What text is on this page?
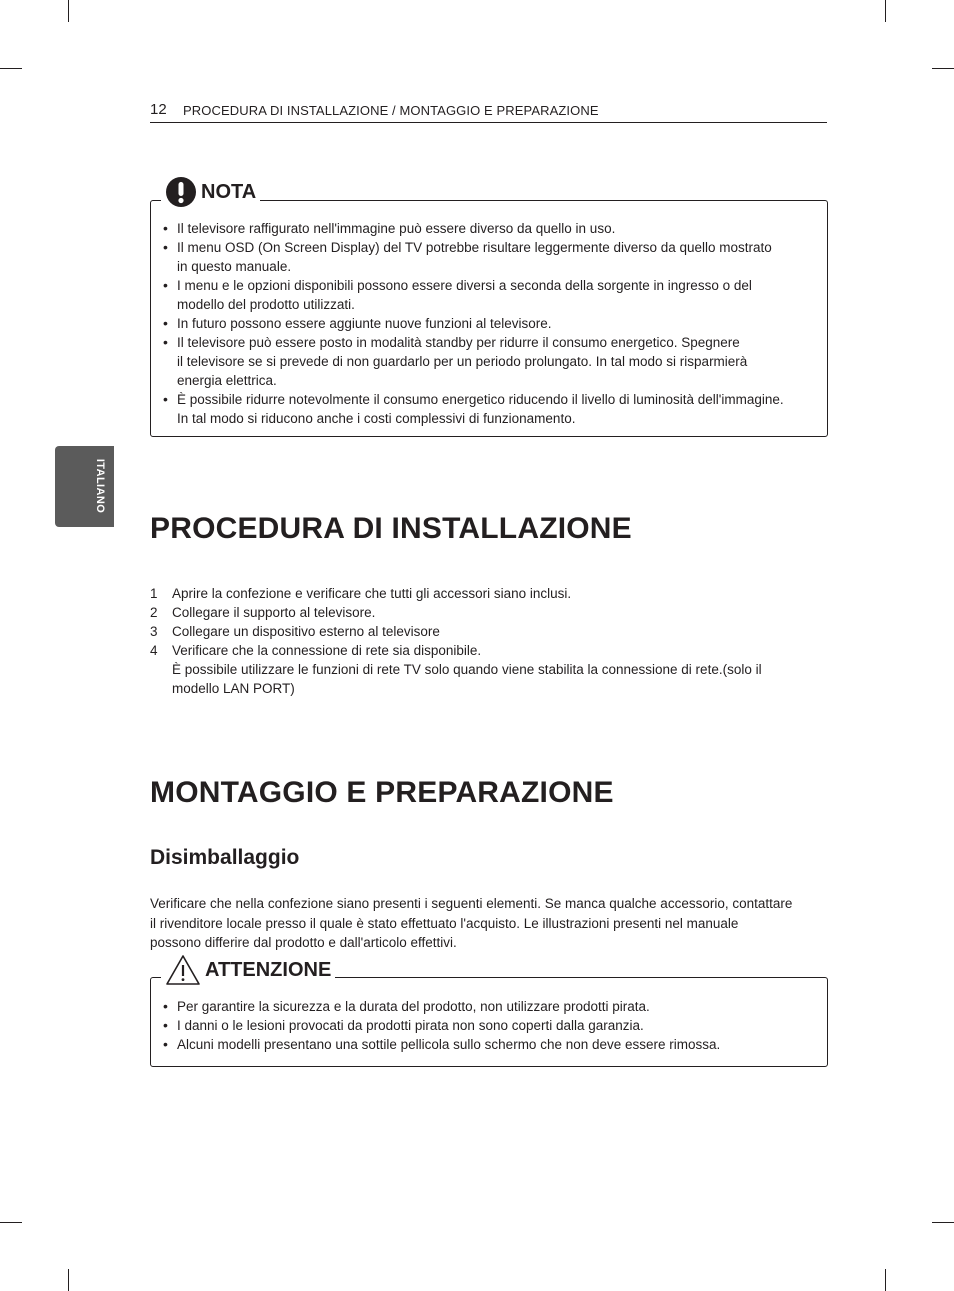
12 PROCEDURA DI INSTALLAZIONE / MONTAGGIO E PREPARAZIONE
ITALIANO
NOTA
• Il televisore raffigurato nell'immagine può essere diverso da quello in uso.
• Il menu OSD (On Screen Display) del TV potrebbe risultare leggermente diverso da quello mostrato
in questo manuale.
• I menu e le opzioni disponibili possono essere diversi a seconda della sorgente in ingresso o del
modello del prodotto utilizzati.
• In futuro possono essere aggiunte nuove funzioni al televisore.
• Il televisore può essere posto in modalità standby per ridurre il consumo energetico. Spegnere
il televisore se si prevede di non guardarlo per un periodo prolungato. In tal modo si risparmierà
energia elettrica.
• È possibile ridurre notevolmente il consumo energetico riducendo il livello di luminosità dell'immagine.
In tal modo si riducono anche i costi complessivi di funzionamento.
PROCEDURA DI INSTALLAZIONE
1 Aprire la confezione e verificare che tutti gli accessori siano inclusi.
2 Collegare il supporto al televisore.
3 Collegare un dispositivo esterno al televisore
4 Verificare che la connessione di rete sia disponibile.
È possibile utilizzare le funzioni di rete TV solo quando viene stabilita la connessione di rete.(solo il
modello LAN PORT)
MONTAGGIO E PREPARAZIONE
Disimballaggio
Verificare che nella confezione siano presenti i seguenti elementi. Se manca qualche accessorio, contattare
il rivenditore locale presso il quale è stato effettuato l'acquisto. Le illustrazioni presenti nel manuale
possono differire dal prodotto e dall'articolo effettivi.
ATTENZIONE
• Per garantire la sicurezza e la durata del prodotto, non utilizzare prodotti pirata.
• I danni o le lesioni provocati da prodotti pirata non sono coperti dalla garanzia.
• Alcuni modelli presentano una sottile pellicola sullo schermo che non deve essere rimossa.
